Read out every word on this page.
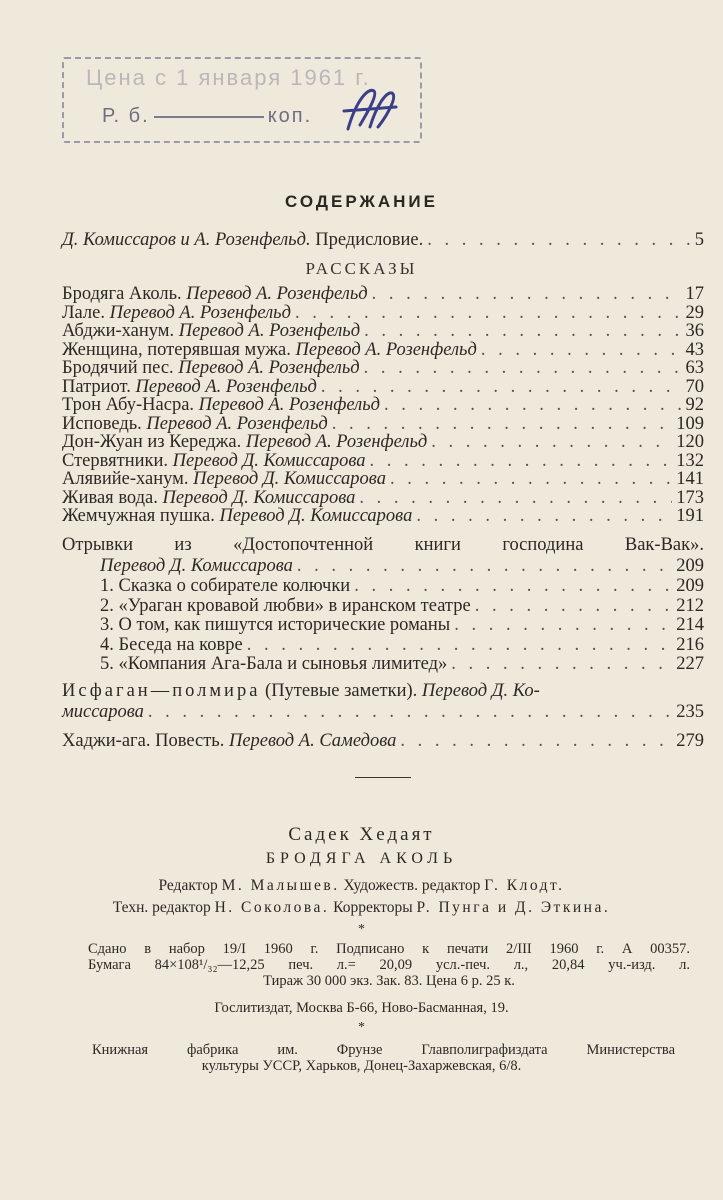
Цена с 1 января 1961 г.
Р. б.	коп.
СОДЕРЖАНИЕ
Д. Комиссаров и А. Розенфельд. Предисловие. . . .	5
РАССКАЗЫ
Бродяга Аколь. Перевод А. Розенфельд . . .	17
Лале. Перевод А. Розенфельд . . .	29
Абджи-ханум. Перевод А. Розенфельд . . .	36
Женщина, потерявшая мужа. Перевод А. Розенфельд . . .	43
Бродячий пес. Перевод А. Розенфельд . . .	63
Патриот. Перевод А. Розенфельд . . .	70
Трон Абу-Насра. Перевод А. Розенфельд . . .	92
Исповедь. Перевод А. Розенфельд . . .	109
Дон-Жуан из Кереджа. Перевод А. Розенфельд . . .	120
Стервятники. Перевод Д. Комиссарова . . .	132
Алявийе-ханум. Перевод Д. Комиссарова . . .	141
Живая вода. Перевод Д. Комиссарова . . .	173
Жемчужная пушка. Перевод Д. Комиссарова . . .	191
Отрывки из «Достопочтенной книги господина Вак-Вак».
Перевод Д. Комиссарова . . .	209
1. Сказка о собирателе колючки . . .	209
2. «Ураган кровавой любви» в иранском театре . . .	212
3. О том, как пишутся исторические романы . . .	214
4. Беседа на ковре . . .	216
5. «Компания Ага-Бала и сыновья лимитед» . . .	227
Исфаган—полмира (Путевые заметки). Перевод Д. Ко-
миссарова . . .	235
Хаджи-ага. Повесть. Перевод А. Самедова . . .	279
Садек Хедаят
БРОДЯГА АКОЛЬ
Редактор М. Малышев. Художеств. редактор Г. Клодт.
Техн. редактор Н. Соколова. Корректоры Р. Пунга и Д. Эткина.
*
Сдано в набор 19/I 1960 г. Подписано к печати 2/III 1960 г. А 00357.
Бумага 84×108¹/₃₂—12,25 печ. л.= 20,09 усл.-печ. л., 20,84 уч.-изд. л.
Тираж 30 000 экз. Зак. 83. Цена 6 р. 25 к.
Гослитиздат, Москва Б-66, Ново-Басманная, 19.
*
Книжная фабрика им. Фрунзе Главполиграфиздата Министерства
культуры УССР, Харьков, Донец-Захаржевская, 6/8.
